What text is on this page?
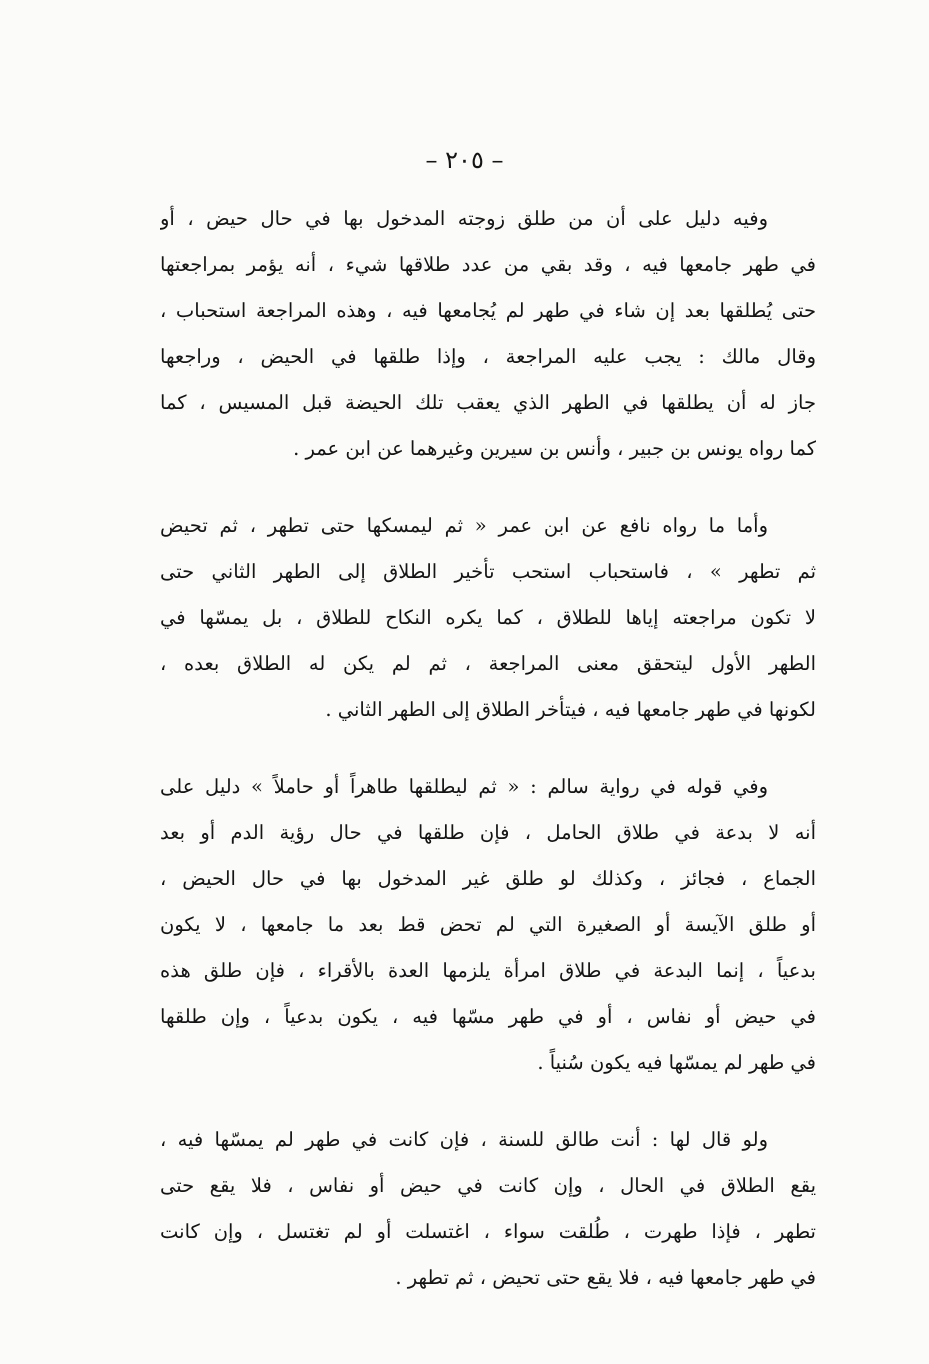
– ٢٠٥ –
وفيه دليل على أن من طلق زوجته المدخول بها في حال حيض ، أو
في طهر جامعها فيه ، وقد بقي من عدد طلاقها شيء ، أنه يؤمر بمراجعتها
حتى يُطلقها بعد إن شاء في طهر لم يُجامعها فيه ، وهذه المراجعة استحباب ،
وقال مالك : يجب عليه المراجعة ، وإذا طلقها في الحيض ، وراجعها
جاز له أن يطلقها في الطهر الذي يعقب تلك الحيضة قبل المسيس ، كما
كما رواه يونس بن جبير ، وأنس بن سيرين وغيرهما عن ابن عمر .
وأما ما رواه نافع عن ابن عمر « ثم ليمسكها حتى تطهر ، ثم تحيض
ثم تطهر » ، فاستحباب استحب تأخير الطلاق إلى الطهر الثاني حتى
لا تكون مراجعته إياها للطلاق ، كما يكره النكاح للطلاق ، بل يمسّها في
الطهر الأول ليتحقق معنى المراجعة ، ثم لم يكن له الطلاق بعده ،
لكونها في طهر جامعها فيه ، فيتأخر الطلاق إلى الطهر الثاني .
وفي قوله في رواية سالم : « ثم ليطلقها طاهراً أو حاملاً » دليل على
أنه لا بدعة في طلاق الحامل ، فإن طلقها في حال رؤية الدم أو بعد
الجماع ، فجائز ، وكذلك لو طلق غير المدخول بها في حال الحيض ،
أو طلق الآيسة أو الصغيرة التي لم تحض قط بعد ما جامعها ، لا يكون
بدعياً ، إنما البدعة في طلاق امرأة يلزمها العدة بالأقراء ، فإن طلق هذه
في حيض أو نفاس ، أو في طهر مسّها فيه ، يكون بدعياً ، وإن طلقها
في طهر لم يمسّها فيه يكون سُنياً .
ولو قال لها : أنت طالق للسنة ، فإن كانت في طهر لم يمسّها فيه ،
يقع الطلاق في الحال ، وإن كانت في حيض أو نفاس ، فلا يقع حتى
تطهر ، فإذا طهرت ، طُلقت سواء ، اغتسلت أو لم تغتسل ، وإن كانت
في طهر جامعها فيه ، فلا يقع حتى تحيض ، ثم تطهر .
